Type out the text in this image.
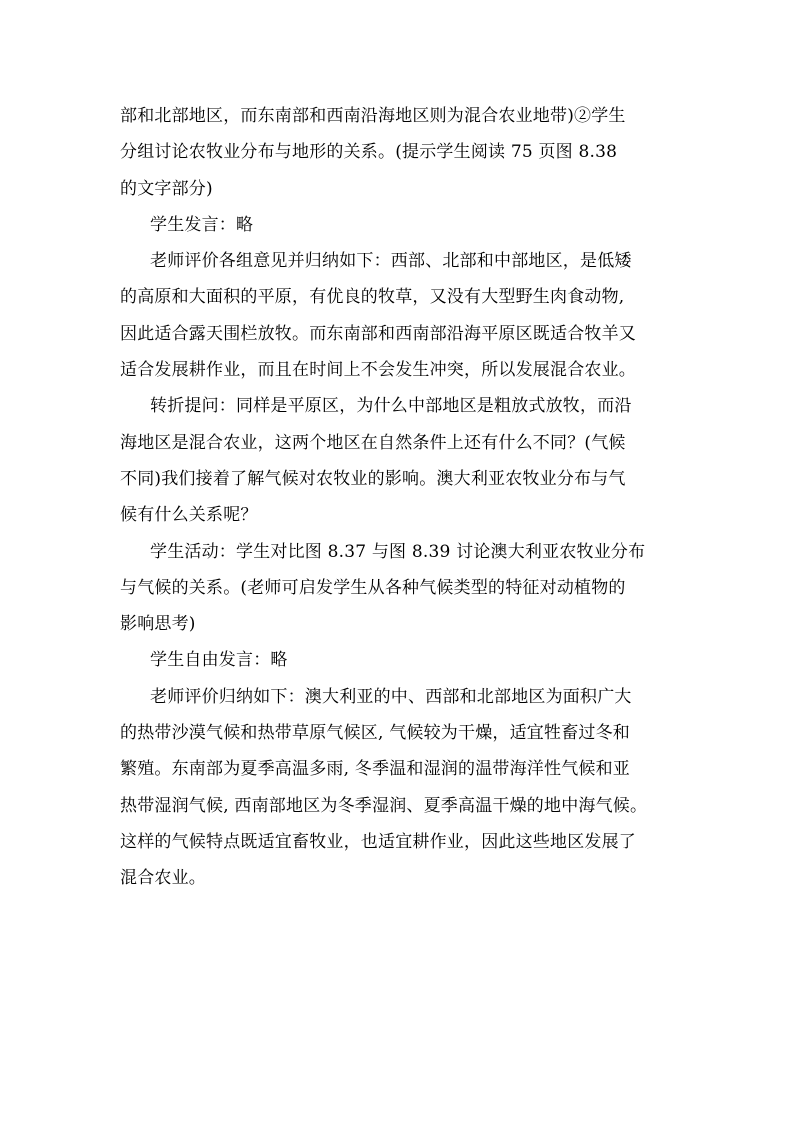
部和北部地区，而东南部和西南沿海地区则为混合农业地带)②学生
分组讨论农牧业分布与地形的关系。(提示学生阅读 75 页图 8.38
的文字部分)
学生发言：略
老师评价各组意见并归纳如下：西部、北部和中部地区，是低矮
的高原和大面积的平原，有优良的牧草，又没有大型野生肉食动物,
因此适合露天围栏放牧。而东南部和西南部沿海平原区既适合牧羊又
适合发展耕作业，而且在时间上不会发生冲突，所以发展混合农业。
转折提问：同样是平原区，为什么中部地区是粗放式放牧，而沿
海地区是混合农业，这两个地区在自然条件上还有什么不同？(气候
不同)我们接着了解气候对农牧业的影响。澳大利亚农牧业分布与气
候有什么关系呢？
学生活动：学生对比图 8.37 与图 8.39 讨论澳大利亚农牧业分布
与气候的关系。(老师可启发学生从各种气候类型的特征对动植物的
影响思考)
学生自由发言：略
老师评价归纳如下：澳大利亚的中、西部和北部地区为面积广大
的热带沙漠气候和热带草原气候区, 气候较为干燥，适宜牲畜过冬和
繁殖。东南部为夏季高温多雨, 冬季温和湿润的温带海洋性气候和亚
热带湿润气候, 西南部地区为冬季湿润、夏季高温干燥的地中海气候。
这样的气候特点既适宜畜牧业，也适宜耕作业，因此这些地区发展了
混合农业。
